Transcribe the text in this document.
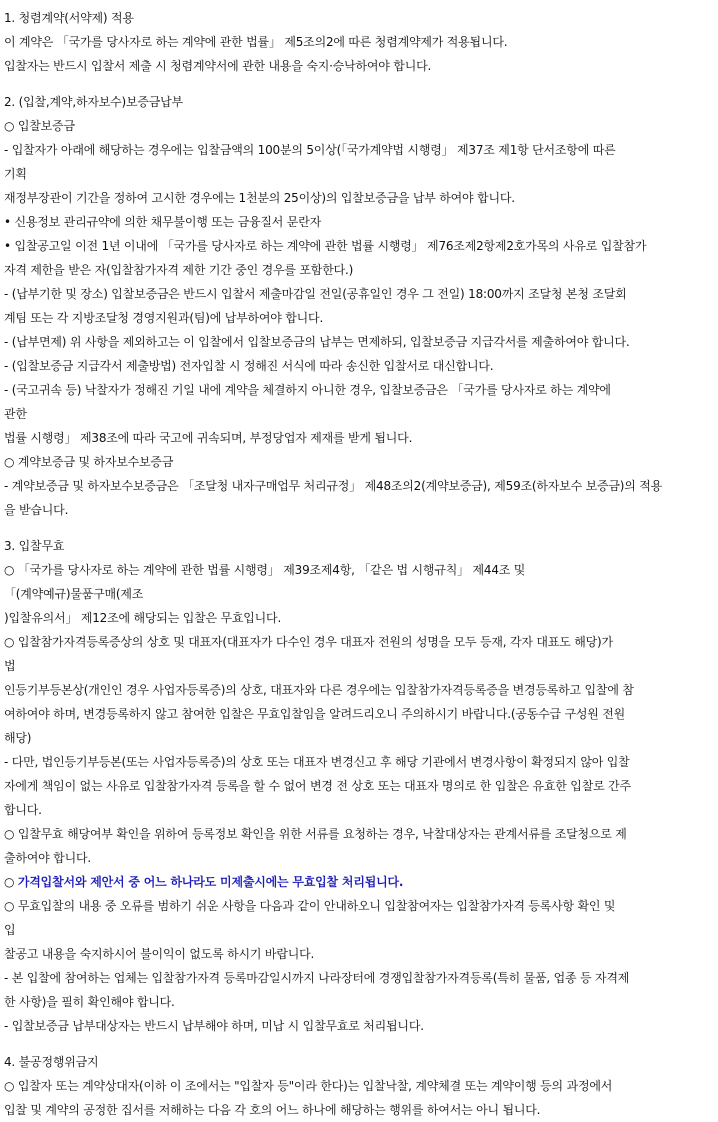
1. 청렴계약(서약제) 적용
이 계약은 「국가를 당사자로 하는 계약에 관한 법률」 제5조의2에 따른 청렴계약제가 적용됩니다.
입찰자는 반드시 입찰서 제출 시 청렴계약서에 관한 내용을 숙지·승낙하여야 합니다.
2. (입찰,계약,하자보수)보증금납부
○ 입찰보증금
- 입찰자가 아래에 해당하는 경우에는 입찰금액의 100분의 5이상(「국가계약법 시행령」 제37조 제1항 단서조항에 따른
기획
재정부장관이 기간을 정하여 고시한 경우에는 1천분의 25이상)의 입찰보증금을 납부 하여야 합니다.
• 신용정보 관리규약에 의한 채무불이행 또는 금융질서 문란자
• 입찰공고일 이전 1년 이내에 「국가를 당사자로 하는 계약에 관한 법률 시행령」 제76조제2항제2호가목의 사유로 입찰참가
자격 제한을 받은 자(입찰참가자격 제한 기간 중인 경우를 포함한다.)
- (납부기한 및 장소) 입찰보증금은 반드시 입찰서 제출마감일 전일(공휴일인 경우 그 전일) 18:00까지 조달청 본청 조달회
계팀 또는 각 지방조달청 경영지원과(팀)에 납부하여야 합니다.
- (납부면제) 위 사항을 제외하고는 이 입찰에서 입찰보증금의 납부는 면제하되, 입찰보증금 지급각서를 제출하여야 합니다.
- (입찰보증금 지급각서 제출방법) 전자입찰 시 정해진 서식에 따라 송신한 입찰서로 대신합니다.
- (국고귀속 등) 낙찰자가 정해진 기일 내에 계약을 체결하지 아니한 경우, 입찰보증금은 「국가를 당사자로 하는 계약에
관한
법률 시행령」 제38조에 따라 국고에 귀속되며, 부정당업자 제재를 받게 됩니다.
○ 계약보증금 및 하자보수보증금
- 계약보증금 및 하자보수보증금은 「조달청 내자구매업무 처리규정」 제48조의2(계약보증금), 제59조(하자보수 보증금)의 적용
을 받습니다.
3. 입찰무효
○ 「국가를 당사자로 하는 계약에 관한 법률 시행령」 제39조제4항, 「같은 법 시행규칙」 제44조 및
「(계약예규)물품구매(제조
)입찰유의서」 제12조에 해당되는 입찰은 무효입니다.
○ 입찰참가자격등록증상의 상호 및 대표자(대표자가 다수인 경우 대표자 전원의 성명을 모두 등재, 각자 대표도 해당)가
법
인등기부등본상(개인인 경우 사업자등록증)의 상호, 대표자와 다른 경우에는 입찰참가자격등록증을 변경등록하고 입찰에 참
여하여야 하며, 변경등록하지 않고 참여한 입찰은 무효입찰임을 알려드리오니 주의하시기 바랍니다.(공동수급 구성원 전원
해당)
- 다만, 법인등기부등본(또는 사업자등록증)의 상호 또는 대표자 변경신고 후 해당 기관에서 변경사항이 확정되지 않아 입찰
자에게 책임이 없는 사유로 입찰참가자격 등록을 할 수 없어 변경 전 상호 또는 대표자 명의로 한 입찰은 유효한 입찰로 간주
합니다.
○ 입찰무효 해당여부 확인을 위하여 등록정보 확인을 위한 서류를 요청하는 경우, 낙찰대상자는 관계서류를 조달청으로 제
출하여야 합니다.
○ 가격입찰서와 제안서 중 어느 하나라도 미제출시에는 무효입찰 처리됩니다.
○ 무효입찰의 내용 중 오류를 범하기 쉬운 사항을 다음과 같이 안내하오니 입찰참여자는 입찰참가자격 등록사항 확인 및
입
찰공고 내용을 숙지하시어 불이익이 없도록 하시기 바랍니다.
- 본 입찰에 참여하는 업체는 입찰참가자격 등록마감일시까지 나라장터에 경쟁입찰참가자격등록(특히 물품, 업종 등 자격제
한 사항)을 필히 확인해야 합니다.
- 입찰보증금 납부대상자는 반드시 납부해야 하며, 미납 시 입찰무효로 처리됩니다.
4. 불공정행위금지
○ 입찰자 또는 계약상대자(이하 이 조에서는 "입찰자 등"이라 한다)는 입찰낙찰, 계약체결 또는 계약이행 등의 과정에서
입찰 및 계약의 공정한 집서를 저해하는 다음 각 호의 어느 하나에 해당하는 행위를 하여서는 아니 됩니다.
